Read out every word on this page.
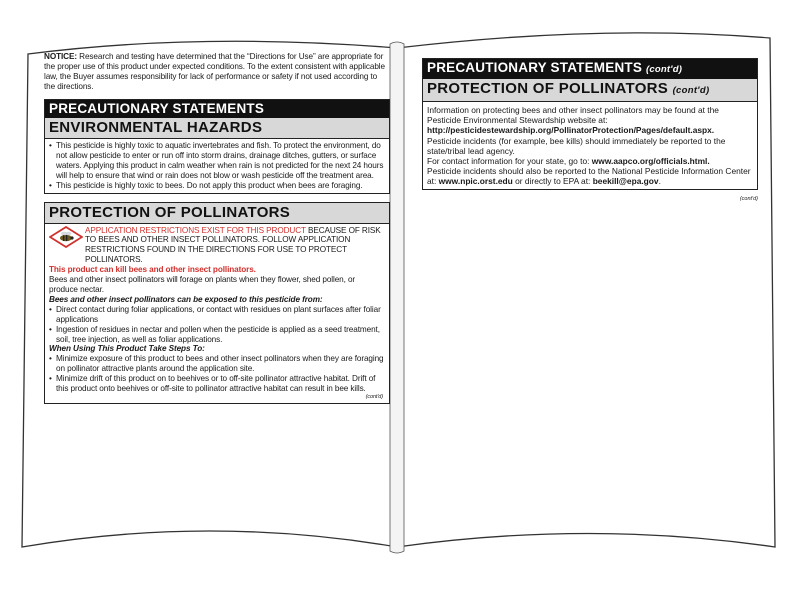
NOTICE: Research and testing have determined that the “Directions for Use” are appropriate for the proper use of this product under expected conditions. To the extent consistent with applicable law, the Buyer assumes responsibility for lack of performance or safety if not used according to the directions.

PRECAUTIONARY STATEMENTS
ENVIRONMENTAL HAZARDS
• This pesticide is highly toxic to aquatic invertebrates and fish. To protect the environment, do not allow pesticide to enter or run off into storm drains, drainage ditches, gutters, or surface waters. Applying this product in calm weather when rain is not predicted for the next 24 hours will help to ensure that wind or rain does not blow or wash pesticide off the treatment area.
• This pesticide is highly toxic to bees. Do not apply this product when bees are foraging.
PROTECTION OF POLLINATORS
APPLICATION RESTRICTIONS EXIST FOR THIS PRODUCT BECAUSE OF RISK TO BEES AND OTHER INSECT POLLINATORS. FOLLOW APPLICATION RESTRICTIONS FOUND IN THE DIRECTIONS FOR USE TO PROTECT POLLINATORS.
This product can kill bees and other insect pollinators.
Bees and other insect pollinators will forage on plants when they flower, shed pollen, or produce nectar.
Bees and other insect pollinators can be exposed to this pesticide from:
• Direct contact during foliar applications, or contact with residues on plant surfaces after foliar applications
• Ingestion of residues in nectar and pollen when the pesticide is applied as a seed treatment, soil, tree injection, as well as foliar applications.
When Using This Product Take Steps To:
• Minimize exposure of this product to bees and other insect pollinators when they are foraging on pollinator attractive plants around the application site.
• Minimize drift of this product on to beehives or to off-site pollinator attractive habitat. Drift of this product onto beehives or off-site to pollinator attractive habitat can result in bee kills.
(cont'd)
PRECAUTIONARY STATEMENTS (cont'd)
PROTECTION OF POLLINATORS (cont'd)
Information on protecting bees and other insect pollinators may be found at the Pesticide Environmental Stewardship website at:
http://pesticidestewardship.org/PollinatorProtection/Pages/default.aspx.
Pesticide incidents (for example, bee kills) should immediately be reported to the state/tribal lead agency.
For contact information for your state, go to: www.aapco.org/officials.html.
Pesticide incidents should also be reported to the National Pesticide Information Center at: www.npic.orst.edu or directly to EPA at: beekill@epa.gov.
(cont'd)
